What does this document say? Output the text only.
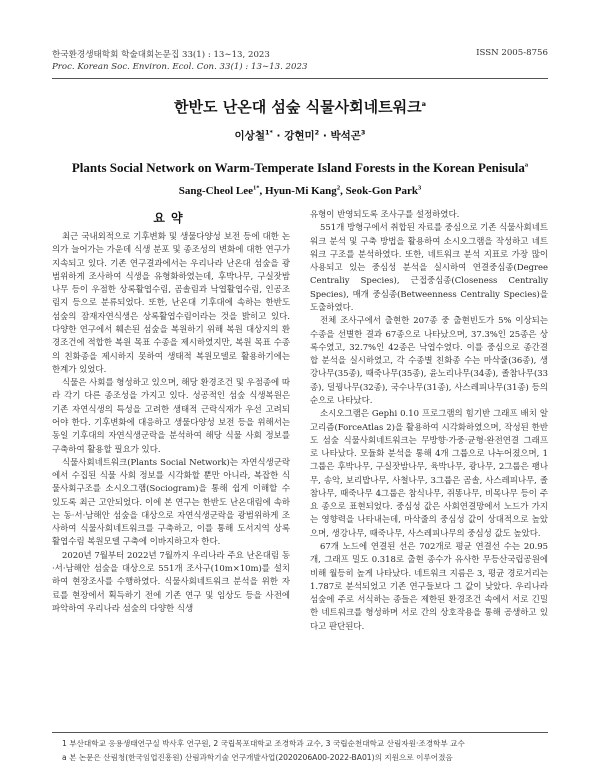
한국환경생태학회 학술대회논문집 33(1) : 13∼13, 2023
Proc. Korean Soc. Environ. Ecol. Con. 33(1) : 13∼13. 2023
ISSN 2005-8756
한반도 난온대 섬숲 식물사회네트워크$^a$
이상철$^{1*}$ · 강현미$^2$ · 박석곤$^3$
Plants Social Network on Warm-Temperate Island Forests in the Korean Penisula$^a$
Sang-Cheol Lee$^{1*}$, Hyun-Mi Kang$^2$, Seok-Gon Park$^3$
요약

최근 국내외적으로 기후변화 및 생물다양성 보전 등에 대한 논의가 늘어가는 가운데 식생 분포 및 종조성의 변화에 대한 연구가 지속되고 있다. 기존 연구결과에서는 우리나라 난온대 섬숲을 광범위하게 조사하여 식생을 유형화하였는데, 후박나무, 구실잣밤나무 등이 우점한 상록활엽수림, 곰솔림과 낙엽활엽수림, 인공조림지 등으로 분류되었다. 또한, 난온대 기후대에 속하는 한반도 섬숲의 잠재자연식생은 상록활엽수림이라는 것을 밝히고 있다. 다양한 연구에서 훼손된 섬숲을 복원하기 위해 복원 대상지의 환경조건에 적합한 복원 목표 수종을 제시하였지만, 복원 목표 수종의 친화종을 제시하지 못하여 생태적 복원모델로 활용하기에는 한계가 있었다.

식물은 사회를 형성하고 있으며, 해당 환경조건 및 우점종에 따라 각기 다른 종조성을 가지고 있다. 성공적인 섬숲 식생복원은 기존 자연식생의 특성을 고려한 생태적 근락식재가 우선 고려되어야 한다. 기후변화에 대응하고 생물다양성 보전 등을 위해서는 동일 기후대의 자연식생군락을 분석하여 해당 식물 사회 정보를 구축하여 활용할 필요가 있다.

식물사회네트워크(Plants Social Network)는 자연식생군락에서 수집된 식물 사회 정보를 시각화할 뿐만 아니라, 복잡한 식물사회구조를 소시오그램(Sociogram)을 통해 쉽게 이해할 수 있도록 최근 고안되었다. 이에 본 연구는 한반도 난온대림에 속하는 동·서·남해안 섬숲을 대상으로 자연식생군락을 광범위하게 조사하여 식물사회네트워크를 구축하고, 이를 통해 도서지역 상록활엽수림 복원모델 구축에 이바지하고자 한다.

2020년 7월부터 2022년 7월까지 우리나라 주요 난온대림 동·서·남해안 섬숲을 대상으로 551개 조사구(10m×10m)를 설치하여 현장조사를 수행하였다. 식물사회네트워크 분석을 위한 자료를 현장에서 획득하기 전에 기존 연구 및 임상도 등을 사전에 파악하여 우리나라 섬숲의 다양한 식생

유형이 반영되도록 조사구를 설정하였다.

551개 방형구에서 취합된 자료를 중심으로 기존 식물사회네트워크 분석 및 구축 방법을 활용하여 소시오그램을 작성하고 네트워크 구조를 분석하였다. 또한, 네트워크 분석 지표로 가장 많이 사용되고 있는 중심성 분석을 실시하여 연결중심종(Degree Centraliy Species), 근접중심종(Closeness Centraliy Species), 매개 중심종(Betweenness Centraliy Species)을 도출하였다.

전체 조사구에서 출현한 207종 중 출현빈도가 5% 이상되는 수종을 선별한 결과 67종으로 나타났으며, 37.3%인 25종은 상록수였고, 32.7%인 42종은 낙엽수였다. 이를 중심으로 종간결합 분석을 실시하였고, 각 수종별 친화종 수는 마삭줄(36종), 생강나무(35종), 때죽나무(35종), 윤노리나무(34종), 졸참나무(33종), 덜꿩나무(32종), 국수나무(31종), 사스레피나무(31종) 등의 순으로 나타났다.

소시오그램은 Gephi 0.10 프로그램의 힘기반 그래프 배치 알고리즘(ForceAtlas 2)을 활용하여 시각화하였으며, 작성된 한반도 섬숲 식물사회네트워크는 무방향·가중·균형·완전연결 그래프로 나타났다. 모듈화 분석을 통해 4개 그룹으로 나누어졌으며, 1그룹은 후박나무, 구실잣밤나무, 육박나무, 광나무, 2그룹은 팽나무, 송악, 보리밥나무, 사철나무, 3그룹은 곰솔, 사스레피나무, 졸참나무, 때죽나무 4그룹은 참식나무, 쥐똥나무, 비목나무 등이 주요 종으로 표현되었다. 중심성 값은 사회연결망에서 노드가 가지는 영향력을 나타내는데, 마삭줄의 중심성 값이 상대적으로 높았으며, 생강나무, 때죽나무, 사스레피나무의 중심성 값도 높았다.

67개 노드에 연결된 선은 702개로 평균 연결선 수는 20.95개, 그래프 밀도 0.318로 출현 종수가 유사한 무등산국립공원에 비해 월등히 높게 나타났다. 네트워크 지름은 3, 평균 경로거리는 1.787로 분석되었고 기존 연구들보다 그 값이 낮았다. 우리나라 섬숲에 주로 서식하는 종들은 제한된 환경조건 속에서 서로 긴밀한 네트워크를 형성하며 서로 간의 상호작용을 통해 공생하고 있다고 판단된다.

1 부산대학교 응용생태연구실 박사후 연구원, 2 국립목포대학교 조경학과 교수, 3 국립순천대학교 산림자원·조경학부 교수
a 본 논문은 산림청(한국임업진흥원) 산림과학기술 연구개발사업(2020206A00-2022-BA01)의 지원으로 이루어졌음
